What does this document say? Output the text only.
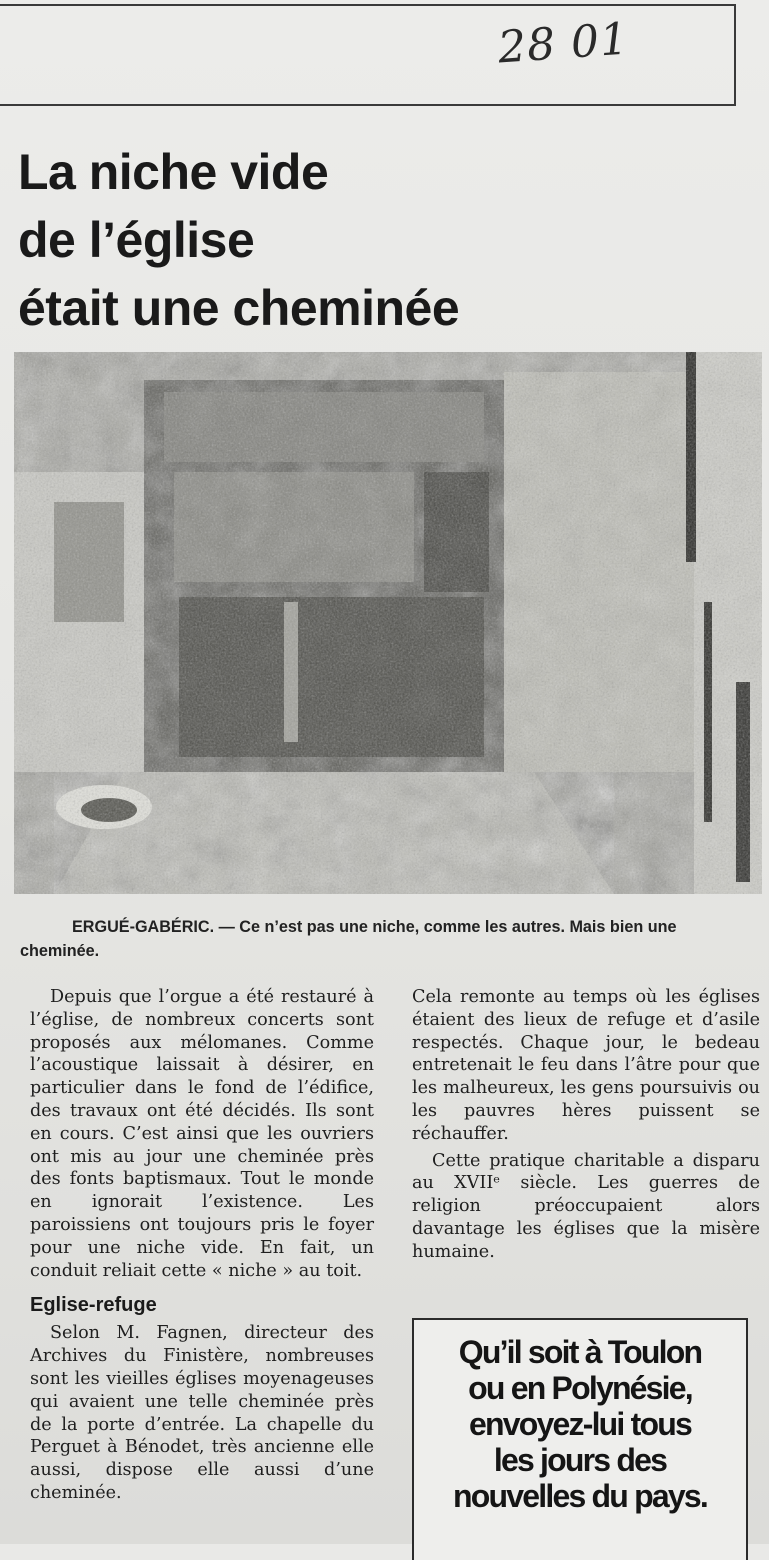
28 01
La niche vide
de l’église
était une cheminée

ERGUÉ-GABÉRIC. — Ce n’est pas une niche, comme les autres. Mais bien une cheminée.

Depuis que l’orgue a été restauré à l’église, de nombreux concerts sont proposés aux mélomanes. Comme l’acoustique laissait à désirer, en particulier dans le fond de l’édifice, des travaux ont été décidés. Ils sont en cours. C’est ainsi que les ouvriers ont mis au jour une cheminée près des fonts baptismaux. Tout le monde en ignorait l’existence. Les paroissiens ont toujours pris le foyer pour une niche vide. En fait, un conduit reliait cette « niche » au toit.

Eglise-refuge

Selon M. Fagnen, directeur des Archives du Finistère, nombreuses sont les vieilles églises moyenageuses qui avaient une telle cheminée près de la porte d’entrée. La chapelle du Perguet à Bénodet, très ancienne elle aussi, dispose elle aussi d’une cheminée.

Cela remonte au temps où les églises étaient des lieux de refuge et d’asile respectés. Chaque jour, le bedeau entretenait le feu dans l’âtre pour que les malheureux, les gens poursuivis ou les pauvres hères puissent se réchauffer.

Cette pratique charitable a disparu au XVIIᵉ siècle. Les guerres de religion préoccupaient alors davantage les églises que la misère humaine.

Qu’il soit à Toulon
ou en Polynésie,
envoyez-lui tous
les jours des
nouvelles du pays.
